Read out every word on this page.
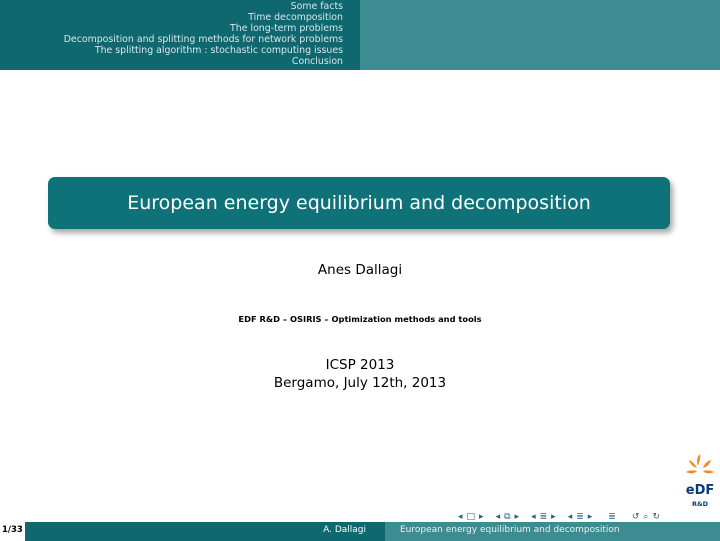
Some facts
Time decomposition
The long-term problems
Decomposition and splitting methods for network problems
The splitting algorithm : stochastic computing issues
Conclusion
European energy equilibrium and decomposition
Anes Dallagi
EDF R&D – OSIRIS – Optimization methods and tools
ICSP 2013
Bergamo, July 12th, 2013
eDF
R&D
◂ □ ▸ ◂ ⧉ ▸ ◂ ≣ ▸ ◂ ≣ ▸ ≣ ↺ ⌕ ↻
1/33	A. Dallagi	European energy equilibrium and decomposition
